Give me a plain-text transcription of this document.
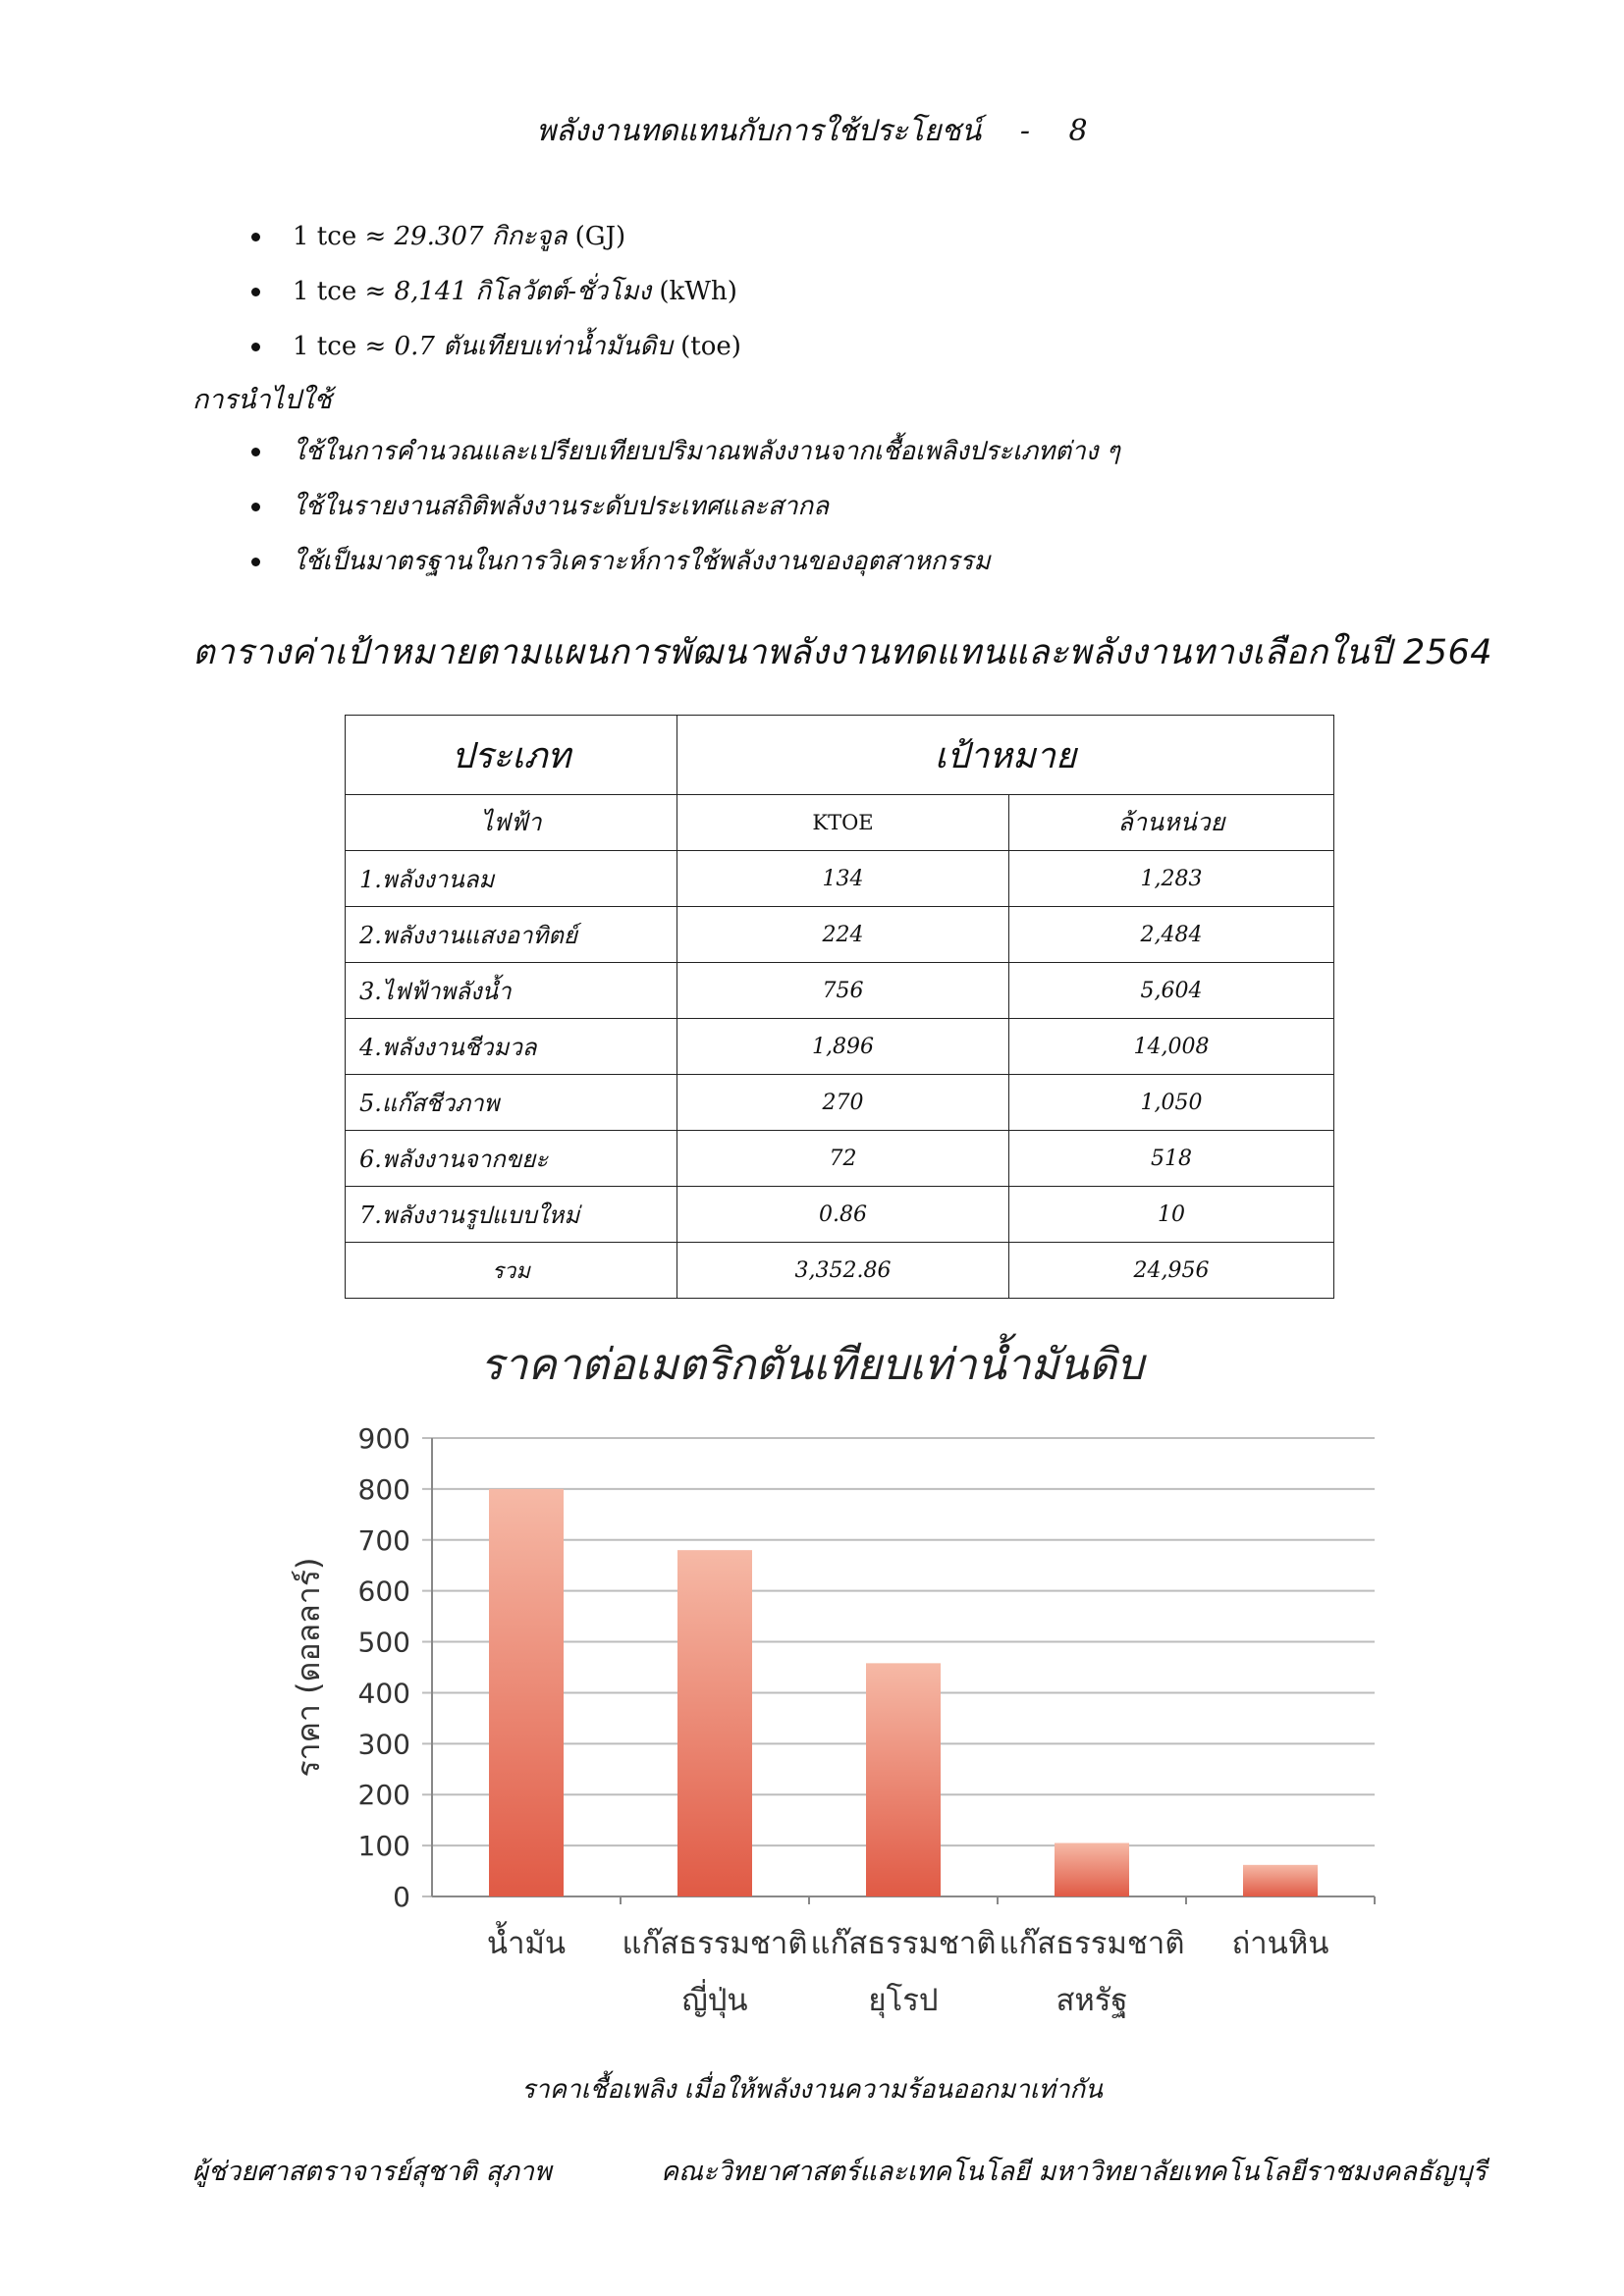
พลังงานทดแทนกับการใช้ประโยชน์ - 8
1 tce ≈ 29.307 กิกะจูล (GJ)
1 tce ≈ 8,141 กิโลวัตต์-ชั่วโมง (kWh)
1 tce ≈ 0.7 ตันเทียบเท่าน้ำมันดิบ (toe)
การนำไปใช้
ใช้ในการคำนวณและเปรียบเทียบปริมาณพลังงานจากเชื้อเพลิงประเภทต่าง ๆ
ใช้ในรายงานสถิติพลังงานระดับประเทศและสากล
ใช้เป็นมาตรฐานในการวิเคราะห์การใช้พลังงานของอุตสาหกรรม
ตารางค่าเป้าหมายตามแผนการพัฒนาพลังงานทดแทนและพลังงานทางเลือกในปี 2564
ประเภท	เป้าหมาย	
ไฟฟ้า	KTOE	ล้านหน่วย
1.พลังงานลม	134	1,283
2.พลังงานแสงอาทิตย์	224	2,484
3.ไฟฟ้าพลังน้ำ	756	5,604
4.พลังงานชีวมวล	1,896	14,008
5.แก๊สชีวภาพ	270	1,050
6.พลังงานจากขยะ	72	518
7.พลังงานรูปแบบใหม่	0.86	10
รวม	3,352.86	24,956
ราคาต่อเมตริกตันเทียบเท่าน้ำมันดิบ
0
100
200
300
400
500
600
700
800
900
ราคา (ดอลลาร์)
น้ำมัน แก๊สธรรมชาติ
ญี่ปุ่น
แก๊สธรรมชาติ
ยุโรป
แก๊สธรรมชาติ
สหรัฐ
ถ่านหิน
ราคาเชื้อเพลิง เมื่อให้พลังงานความร้อนออกมาเท่ากัน
ผู้ช่วยศาสตราจารย์สุชาติ สุภาพ	คณะวิทยาศาสตร์และเทคโนโลยี มหาวิทยาลัยเทคโนโลยีราชมงคลธัญบุรี
